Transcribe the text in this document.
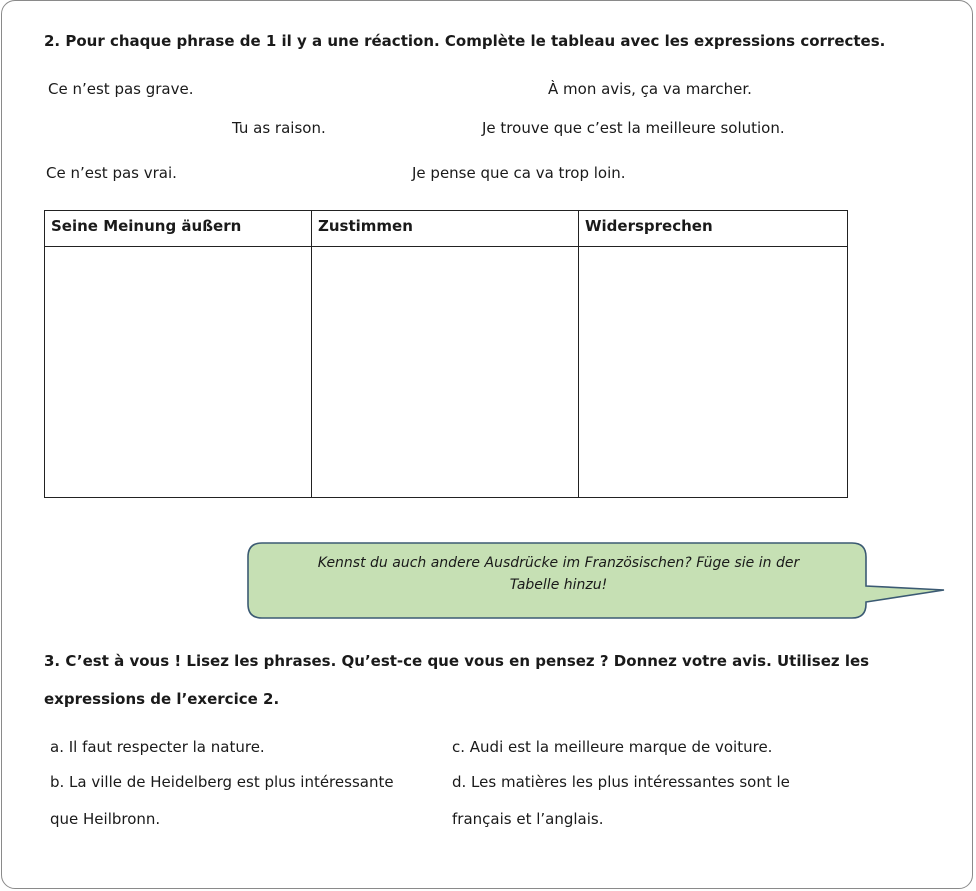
2. Pour chaque phrase de 1 il y a une réaction. Complète le tableau avec les expressions correctes.
Ce n’est pas grave.	À mon avis, ça va marcher.
Tu as raison.	Je trouve que c’est la meilleure solution.
Ce n’est pas vrai.	Je pense que ca va trop loin.
Seine Meinung äußern	Zustimmen	Widersprechen

Kennst du auch andere Ausdrücke im Französischen? Füge sie in der
Tabelle hinzu!
3. C’est à vous ! Lisez les phrases. Qu’est-ce que vous en pensez ? Donnez votre avis. Utilisez les
expressions de l’exercice 2.
a. Il faut respecter la nature.	c. Audi est la meilleure marque de voiture.
b. La ville de Heidelberg est plus intéressante	d. Les matières les plus intéressantes sont le
que Heilbronn.	français et l’anglais.
